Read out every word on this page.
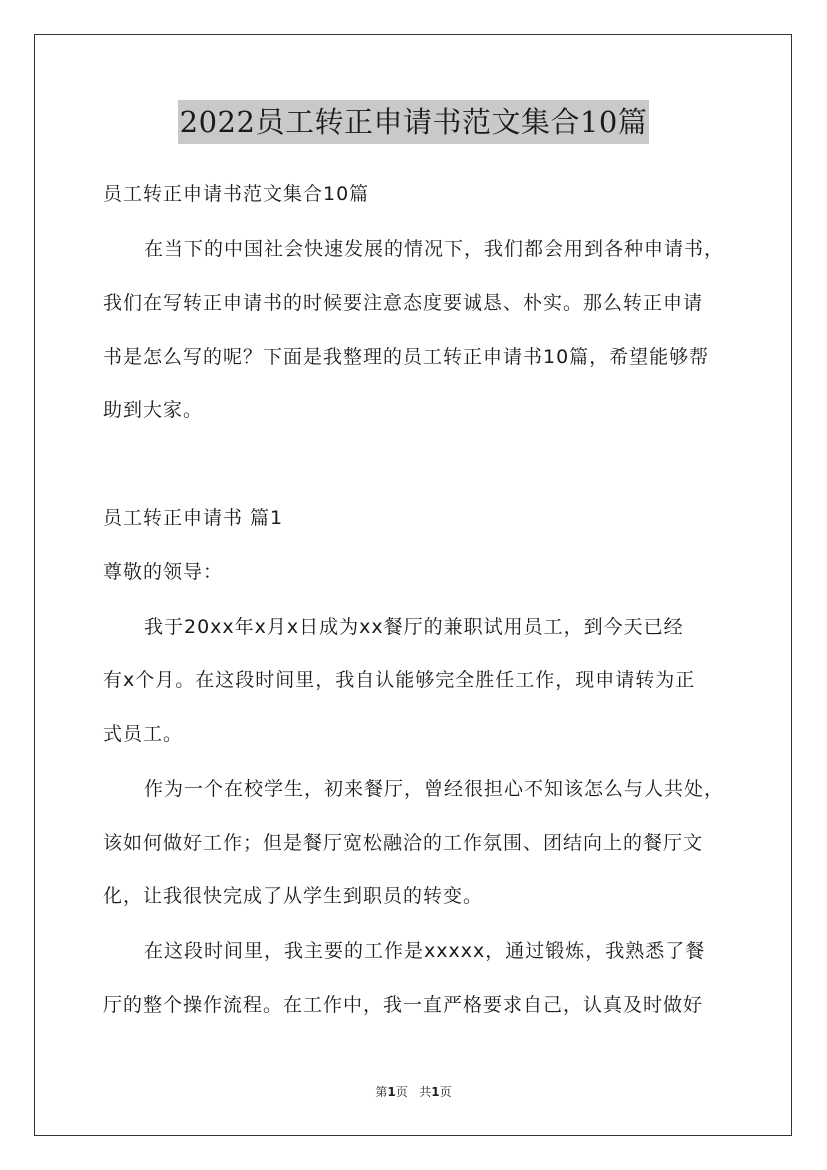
2022员工转正申请书范文集合10篇

员工转正申请书范文集合10篇

在当下的中国社会快速发展的情况下，我们都会用到各种申请书，

我们在写转正申请书的时候要注意态度要诚恳、朴实。那么转正申请

书是怎么写的呢？下面是我整理的员工转正申请书10篇，希望能够帮

助到大家。

员工转正申请书 篇1

尊敬的领导：

我于20xx年x月x日成为xx餐厅的兼职试用员工，到今天已经

有x个月。在这段时间里，我自认能够完全胜任工作，现申请转为正

式员工。

作为一个在校学生，初来餐厅，曾经很担心不知该怎么与人共处，

该如何做好工作；但是餐厅宽松融洽的工作氛围、团结向上的餐厅文

化，让我很快完成了从学生到职员的转变。

在这段时间里，我主要的工作是xxxxx，通过锻炼，我熟悉了餐

厅的整个操作流程。在工作中，我一直严格要求自己，认真及时做好

第1页 共1页
